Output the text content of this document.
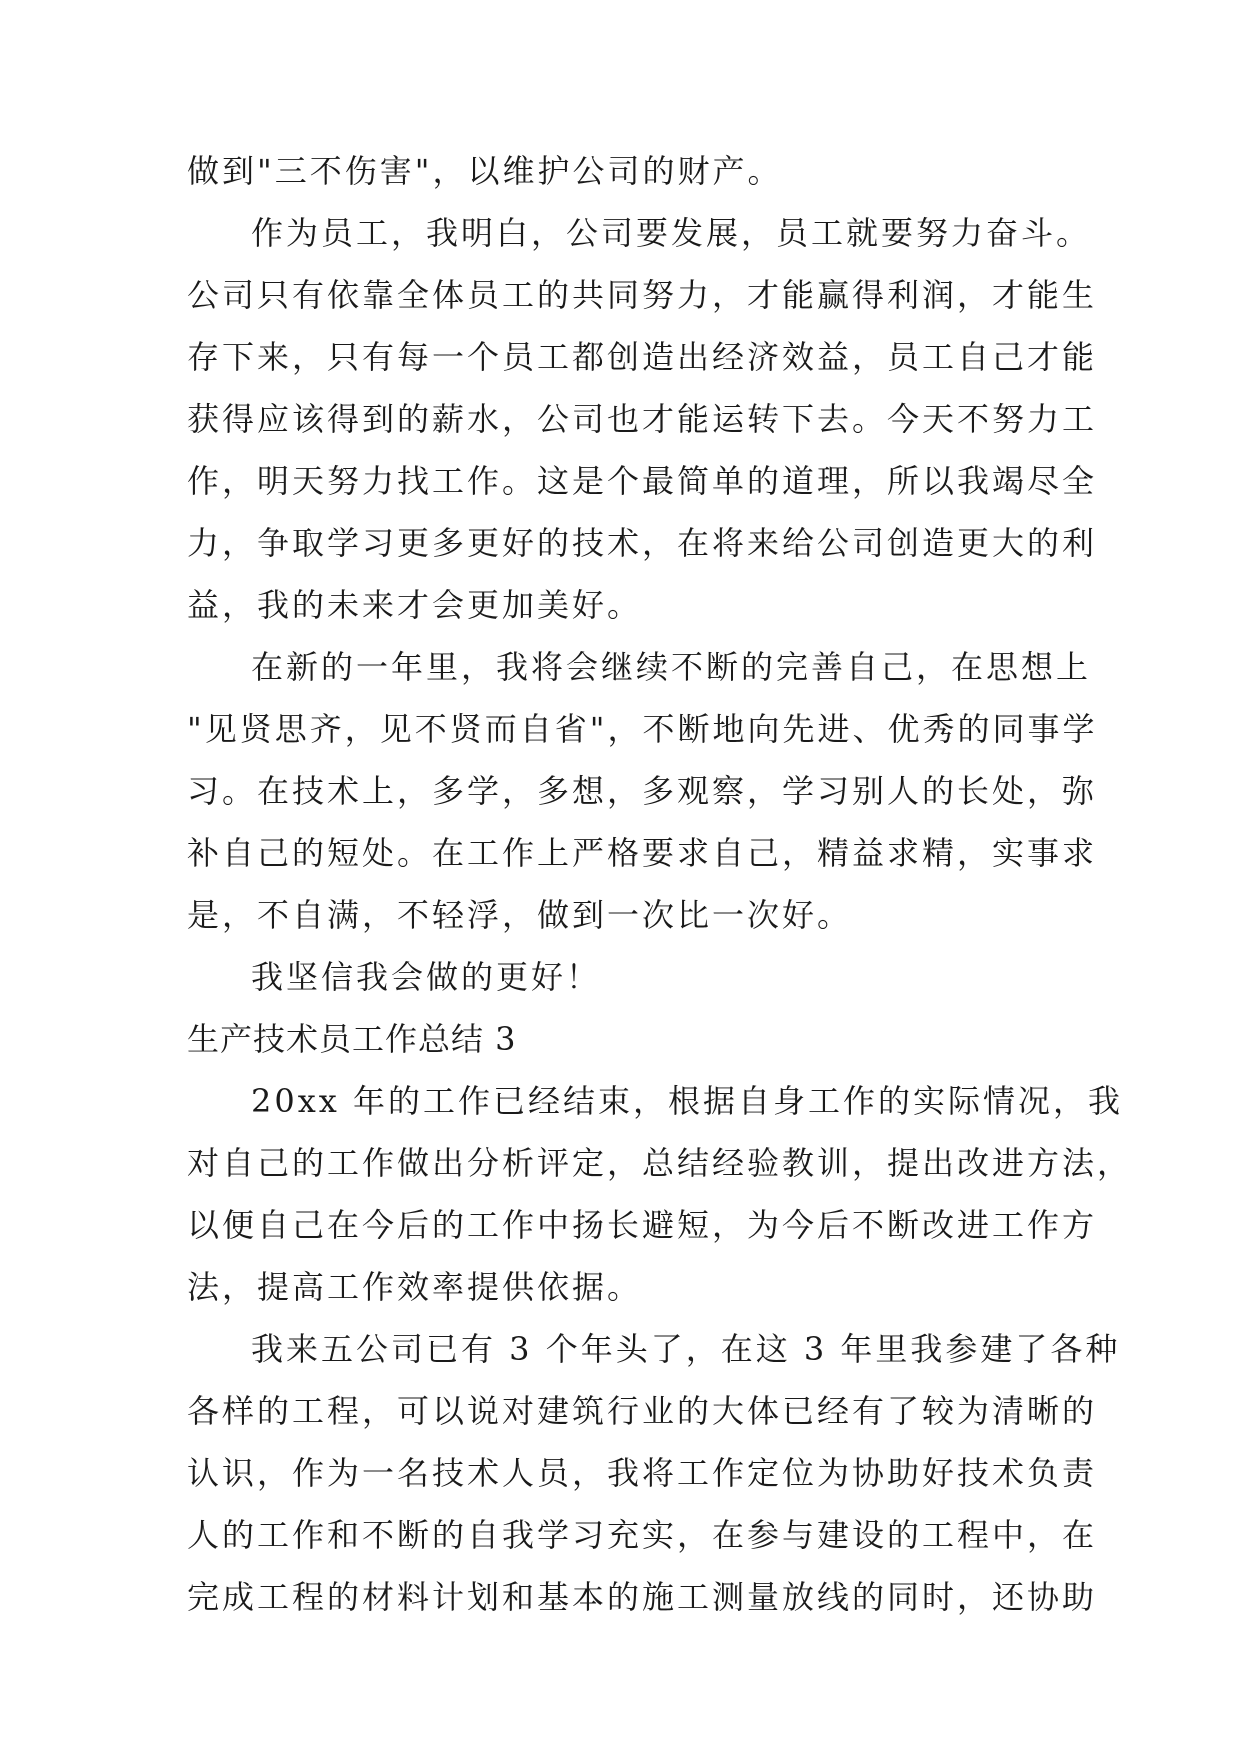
做到"三不伤害"，以维护公司的财产。
作为员工，我明白，公司要发展，员工就要努力奋斗。
公司只有依靠全体员工的共同努力，才能赢得利润，才能生
存下来，只有每一个员工都创造出经济效益，员工自己才能
获得应该得到的薪水，公司也才能运转下去。今天不努力工
作，明天努力找工作。这是个最简单的道理，所以我竭尽全
力，争取学习更多更好的技术，在将来给公司创造更大的利
益，我的未来才会更加美好。
在新的一年里，我将会继续不断的完善自己，在思想上
"见贤思齐，见不贤而自省"，不断地向先进、优秀的同事学
习。在技术上，多学，多想，多观察，学习别人的长处，弥
补自己的短处。在工作上严格要求自己，精益求精，实事求
是，不自满，不轻浮，做到一次比一次好。
我坚信我会做的更好！
生产技术员工作总结 3
20xx 年的工作已经结束，根据自身工作的实际情况，我
对自己的工作做出分析评定，总结经验教训，提出改进方法，
以便自己在今后的工作中扬长避短，为今后不断改进工作方
法，提高工作效率提供依据。
我来五公司已有 3 个年头了，在这 3 年里我参建了各种
各样的工程，可以说对建筑行业的大体已经有了较为清晰的
认识，作为一名技术人员，我将工作定位为协助好技术负责
人的工作和不断的自我学习充实，在参与建设的工程中，在
完成工程的材料计划和基本的施工测量放线的同时，还协助
